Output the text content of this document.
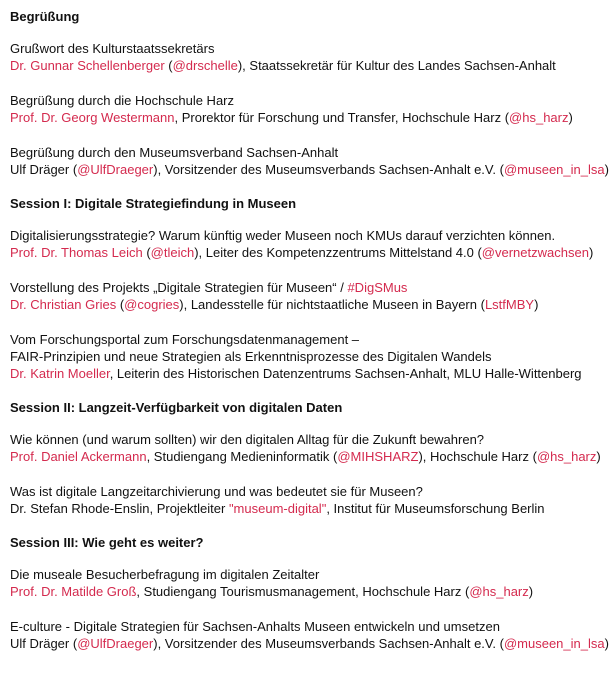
Begrüßung
Grußwort des Kulturstaatssekretärs
Dr. Gunnar Schellenberger (@drschelle), Staatssekretär für Kultur des Landes Sachsen-Anhalt
Begrüßung durch die Hochschule Harz
Prof. Dr. Georg Westermann, Prorektor für Forschung und Transfer, Hochschule Harz (@hs_harz)
Begrüßung durch den Museumsverband Sachsen-Anhalt
Ulf Dräger (@UlfDraeger), Vorsitzender des Museumsverbands Sachsen-Anhalt e.V. (@museen_in_lsa)
Session I: Digitale Strategiefindung in Museen
Digitalisierungsstrategie? Warum künftig weder Museen noch KMUs darauf verzichten können.
Prof. Dr. Thomas Leich (@tleich), Leiter des Kompetenzzentrums Mittelstand 4.0 (@vernetzwachsen)
Vorstellung des Projekts „Digitale Strategien für Museen“ / #DigSMus
Dr. Christian Gries (@cogries), Landesstelle für nichtstaatliche Museen in Bayern (LstfMBY)
Vom Forschungsportal zum Forschungsdatenmanagement –
FAIR-Prinzipien und neue Strategien als Erkenntnisprozesse des Digitalen Wandels
Dr. Katrin Moeller, Leiterin des Historischen Datenzentrums Sachsen-Anhalt, MLU Halle-Wittenberg
Session II: Langzeit-Verfügbarkeit von digitalen Daten
Wie können (und warum sollten) wir den digitalen Alltag für die Zukunft bewahren?
Prof. Daniel Ackermann, Studiengang Medieninformatik (@MIHSHARZ), Hochschule Harz (@hs_harz)
Was ist digitale Langzeitarchivierung und was bedeutet sie für Museen?
Dr. Stefan Rhode-Enslin, Projektleiter "museum-digital", Institut für Museumsforschung Berlin
Session III: Wie geht es weiter?
Die museale Besucherbefragung im digitalen Zeitalter
Prof. Dr. Matilde Groß, Studiengang Tourismusmanagement, Hochschule Harz (@hs_harz)
E-culture - Digitale Strategien für Sachsen-Anhalts Museen entwickeln und umsetzen
Ulf Dräger (@UlfDraeger), Vorsitzender des Museumsverbands Sachsen-Anhalt e.V. (@museen_in_lsa)
